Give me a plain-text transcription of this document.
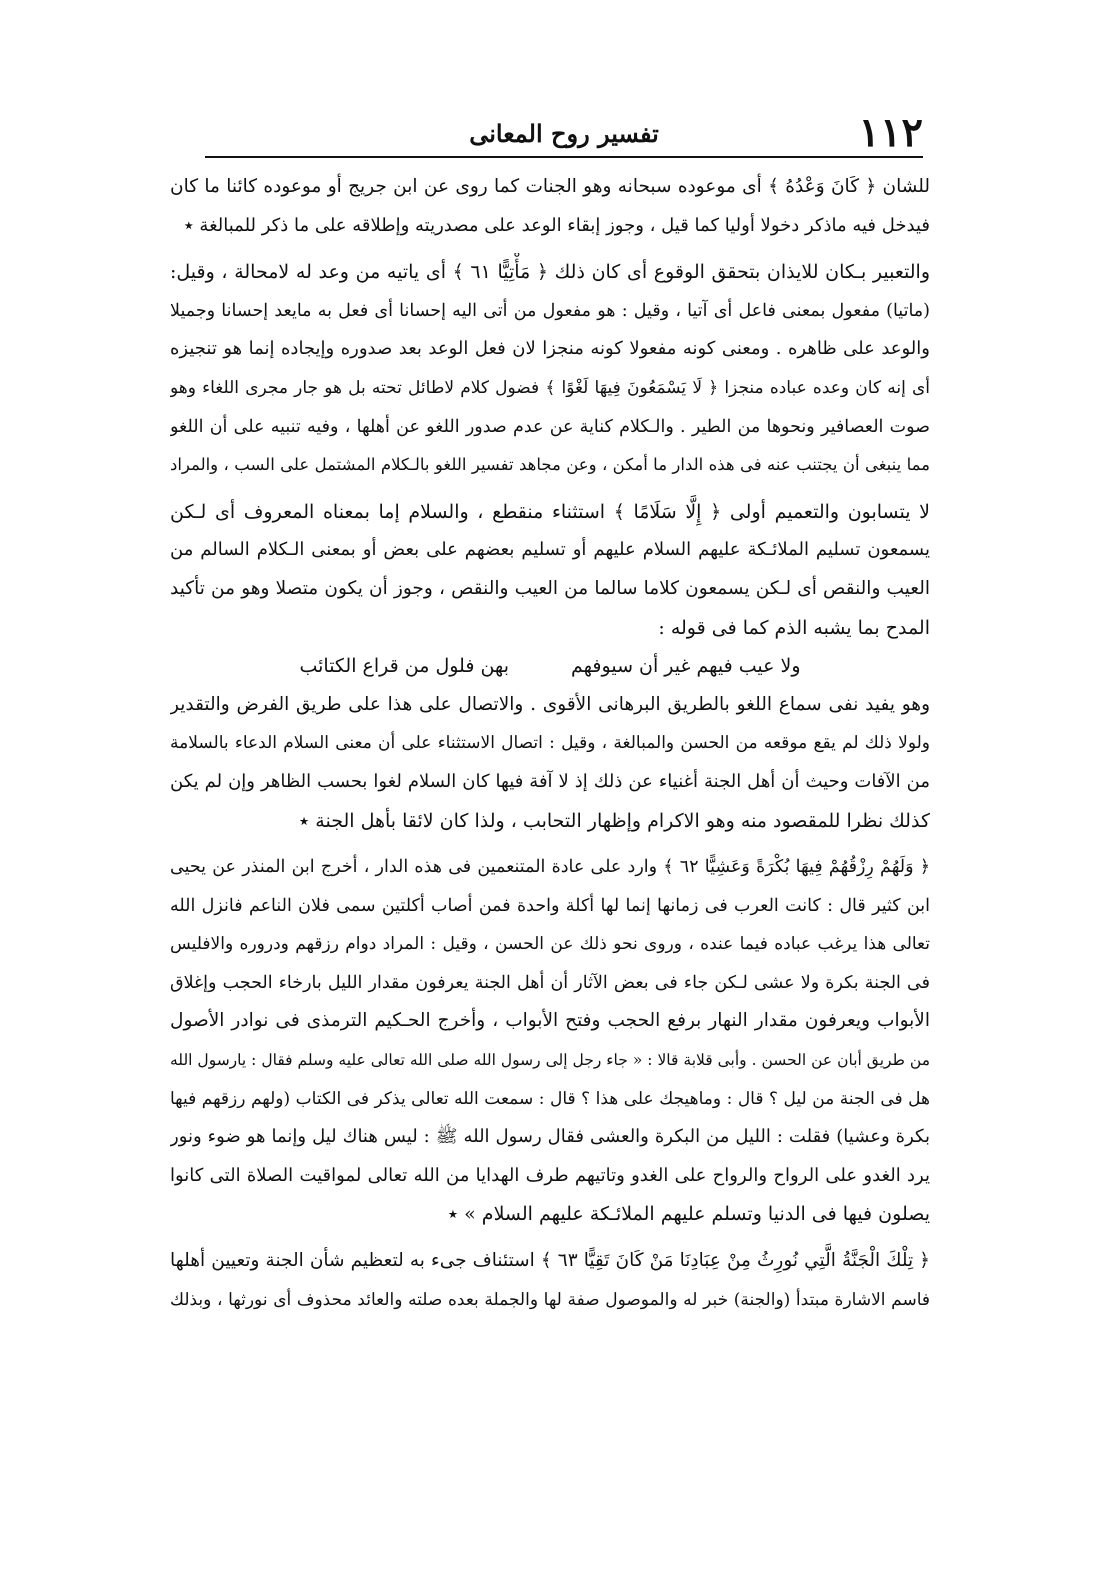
١١٢
تفسير روح المعانى
للشان ﴿ كَانَ وَعْدُهُ ﴾ أى موعوده سبحانه وهو الجنات كما روى عن ابن جريج أو موعوده كائنا ما كان
فيدخل فيه ماذكر دخولا أوليا كما قيل ، وجوز إبقاء الوعد على مصدريته وإطلاقه على ما ذكر للمبالغة ٭
والتعبير بـكان للايذان بتحقق الوقوع أى كان ذلك ﴿ مَأْتِيًّا ٦١ ﴾ أى ياتيه من وعد له لامحالة ، وقيل:
(ماتيا) مفعول بمعنى فاعل أى آتيا ، وقيل : هو مفعول من أتى اليه إحسانا أى فعل به مايعد إحسانا وجميلا
والوعد على ظاهره . ومعنى كونه مفعولا كونه منجزا لان فعل الوعد بعد صدوره وإيجاده إنما هو تنجيزه
أى إنه كان وعده عباده منجزا ﴿ لَا يَسْمَعُونَ فِيهَا لَغْوًا ﴾ فضول كلام لاطائل تحته بل هو جار مجرى اللغاء وهو
صوت العصافير ونحوها من الطير . والـكلام كناية عن عدم صدور اللغو عن أهلها ، وفيه تنبيه على أن اللغو
مما ينبغى أن يجتنب عنه فى هذه الدار ما أمكن ، وعن مجاهد تفسير اللغو بالـكلام المشتمل على السب ، والمراد
لا يتسابون والتعميم أولى ﴿ إِلَّا سَلَامًا ﴾ استثناء منقطع ، والسلام إما بمعناه المعروف أى لـكن
يسمعون تسليم الملائـكة عليهم السلام عليهم أو تسليم بعضهم على بعض أو بمعنى الـكلام السالم من
العيب والنقص أى لـكن يسمعون كلاما سالما من العيب والنقص ، وجوز أن يكون متصلا وهو من تأكيد
المدح بما يشبه الذم كما فى قوله :
ولا عيب فيهم غير أن سيوفهم بهن فلول من قراع الكتائب
وهو يفيد نفى سماع اللغو بالطريق البرهانى الأقوى . والاتصال على هذا على طريق الفرض والتقدير
ولولا ذلك لم يقع موقعه من الحسن والمبالغة ، وقيل : اتصال الاستثناء على أن معنى السلام الدعاء بالسلامة
من الآفات وحيث أن أهل الجنة أغنياء عن ذلك إذ لا آفة فيها كان السلام لغوا بحسب الظاهر وإن لم يكن
كذلك نظرا للمقصود منه وهو الاكرام وإظهار التحابب ، ولذا كان لائقا بأهل الجنة ٭
﴿ وَلَهُمْ رِزْقُهُمْ فِيهَا بُكْرَةً وَعَشِيًّا ٦٢ ﴾ وارد على عادة المتنعمين فى هذه الدار ، أخرج ابن المنذر عن يحيى
ابن كثير قال : كانت العرب فى زمانها إنما لها أكلة واحدة فمن أصاب أكلتين سمى فلان الناعم فانزل الله
تعالى هذا يرغب عباده فيما عنده ، وروى نحو ذلك عن الحسن ، وقيل : المراد دوام رزقهم ودروره والافليس
فى الجنة بكرة ولا عشى لـكن جاء فى بعض الآثار أن أهل الجنة يعرفون مقدار الليل بارخاء الحجب وإغلاق
الأبواب ويعرفون مقدار النهار برفع الحجب وفتح الأبواب ، وأخرج الحـكيم الترمذى فى نوادر الأصول
من طريق أبان عن الحسن . وأبى قلابة قالا : « جاء رجل إلى رسول الله صلى الله تعالى عليه وسلم فقال : يارسول الله
هل فى الجنة من ليل ؟ قال : وماهيجك على هذا ؟ قال : سمعت الله تعالى يذكر فى الكتاب (ولهم رزقهم فيها
بكرة وعشيا) فقلت : الليل من البكرة والعشى فقال رسول الله ﷺ : ليس هناك ليل وإنما هو ضوء ونور
يرد الغدو على الرواح والرواح على الغدو وتاتيهم طرف الهدايا من الله تعالى لمواقيت الصلاة التى كانوا
يصلون فيها فى الدنيا وتسلم عليهم الملائـكة عليهم السلام » ٭
﴿ تِلْكَ الْجَنَّةُ الَّتِي نُورِثُ مِنْ عِبَادِنَا مَنْ كَانَ تَقِيًّا ٦٣ ﴾ استئناف جىء به لتعظيم شأن الجنة وتعيين أهلها
فاسم الاشارة مبتدأ (والجنة) خبر له والموصول صفة لها والجملة بعده صلته والعائد محذوف أى نورثها ، وبذلك
